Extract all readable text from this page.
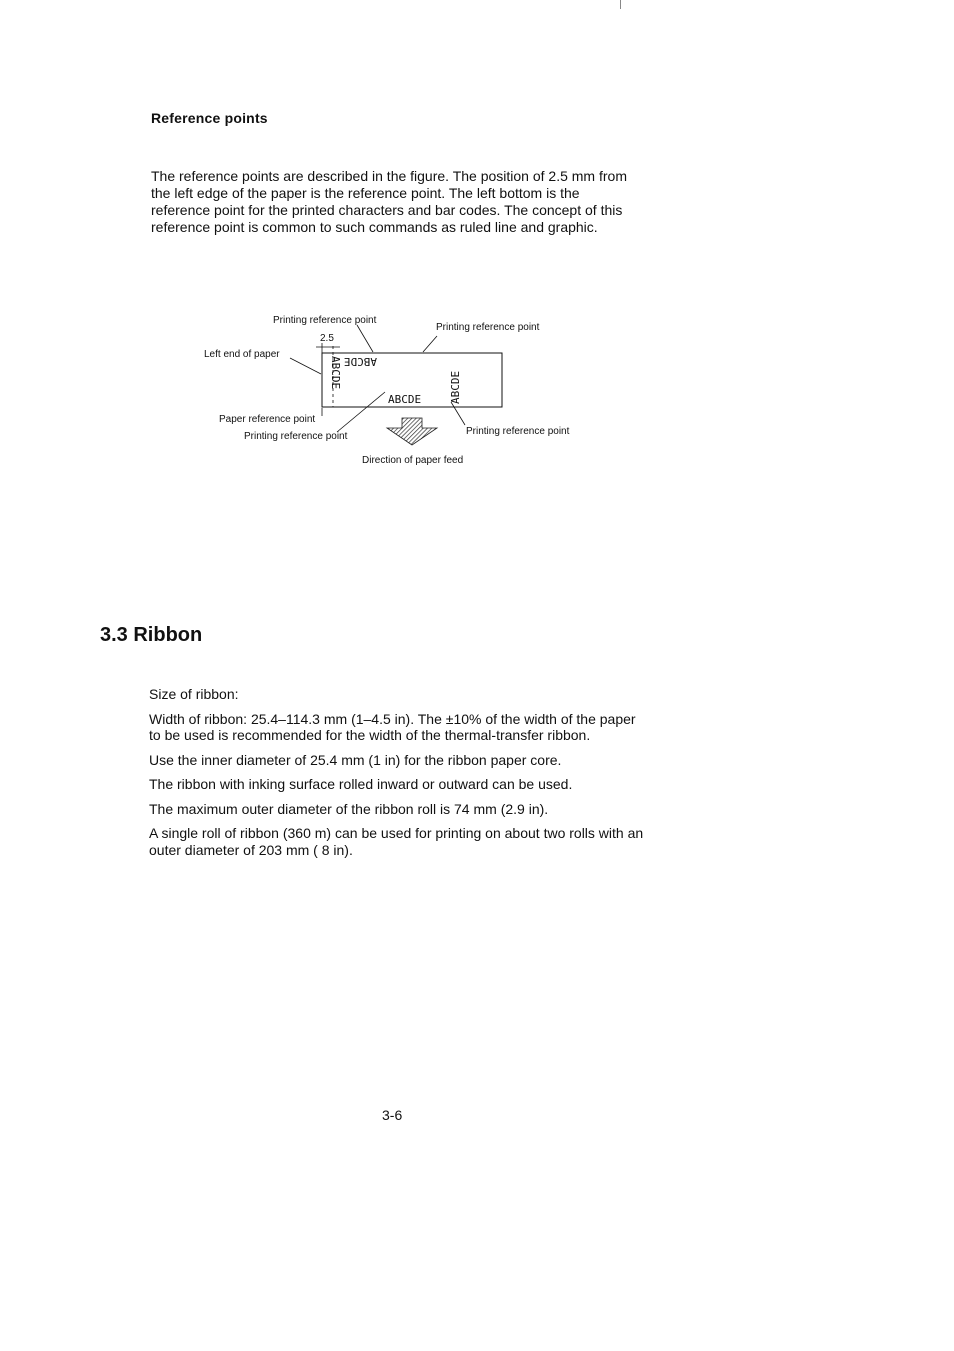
Reference points
The reference points are described in the figure. The position of 2.5 mm from the left edge of the paper is the reference point. The left bottom is the reference point for the printed characters and bar codes. The concept of this reference point is common to such commands as ruled line and graphic.
ABCDE ABCDE
ABCDE	ABCDE
Printing reference point
Printing reference point
Left end of paper
2.5
Paper reference point
Printing reference point	Printing reference point
Direction of paper feed
3.3 Ribbon

Size of ribbon:

Width of ribbon: 25.4–114.3 mm (1–4.5 in). The ±10% of the width of the paper to be used is recommended for the width of the thermal-transfer ribbon.

Use the inner diameter of 25.4 mm (1 in) for the ribbon paper core.

The ribbon with inking surface rolled inward or outward can be used.

The maximum outer diameter of the ribbon roll is 74 mm (2.9 in).

A single roll of ribbon (360 m) can be used for printing on about two rolls with an outer diameter of 203 mm ( 8 in).

3-6
